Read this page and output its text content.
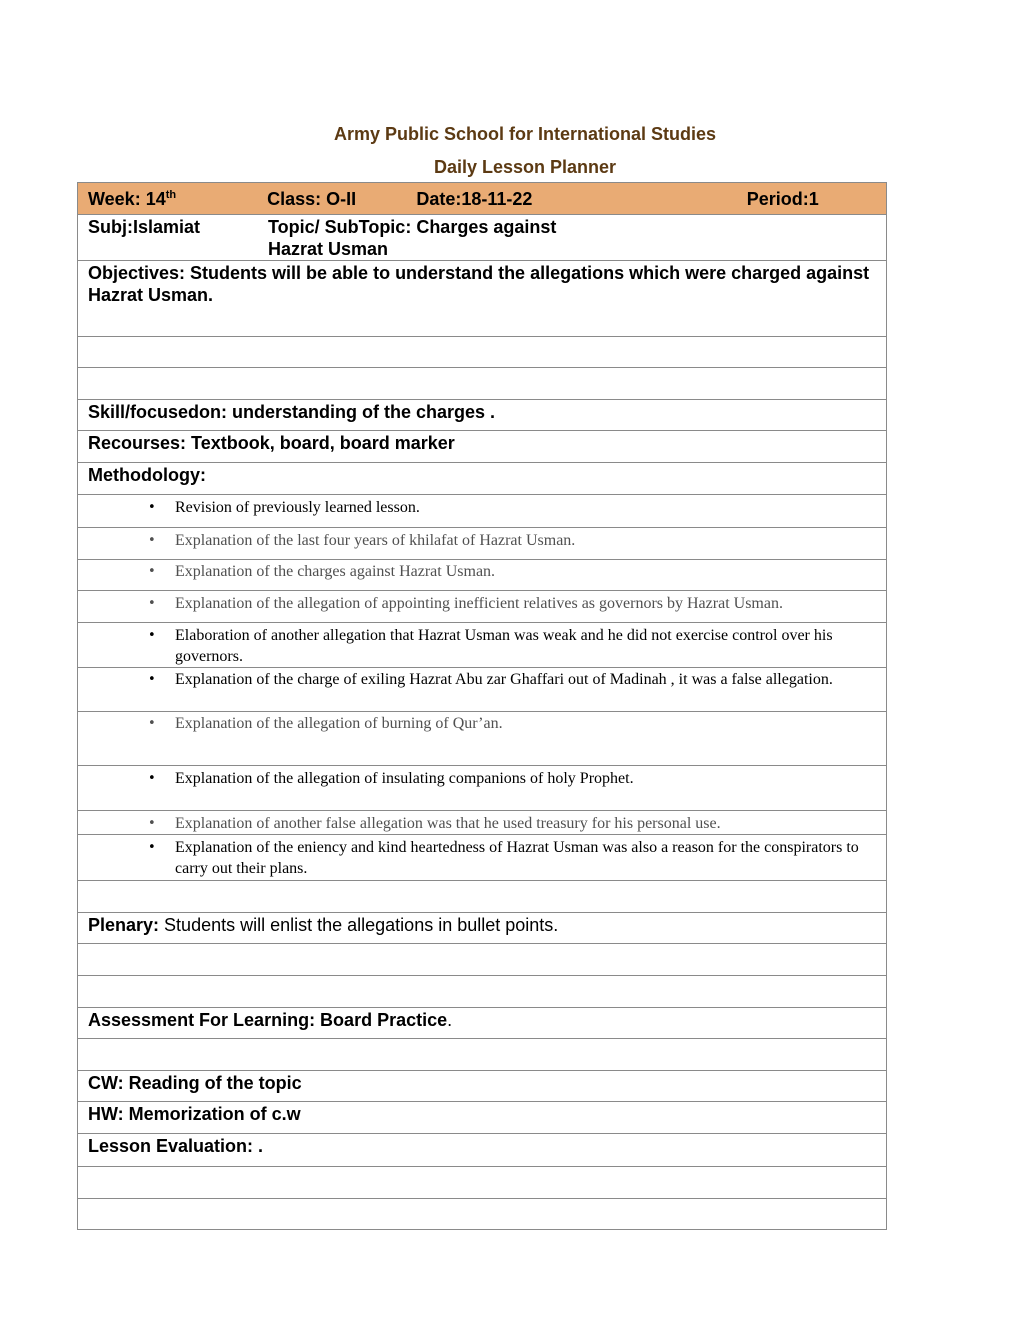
Army Public School for International Studies
Daily Lesson Planner
Week: 14th	Class: O-II	Date:18-11-22	Period:1

Subj:Islamiat	Topic/ SubTopic: Charges against Hazrat Usman

Objectives: Students will be able to understand the allegations which were charged against Hazrat Usman.

Skill/focusedon: understanding of the charges .
Recourses: Textbook, board, board marker
Methodology:

• Revision of previously learned lesson.

• Explanation of the last four years of khilafat of Hazrat Usman.

• Explanation of the charges against Hazrat Usman.

• Explanation of the allegation of appointing inefficient relatives as governors by Hazrat Usman.

• Elaboration of another allegation that Hazrat Usman was weak and he did not exercise control over his governors.

• Explanation of the charge of exiling Hazrat Abu zar Ghaffari out of Madinah , it was a false allegation.

• Explanation of the allegation of burning of Qur’an.

• Explanation of the allegation of insulating companions of holy Prophet.

• Explanation of another false allegation was that he used treasury for his personal use.

• Explanation of the eniency and kind heartedness of Hazrat Usman was also a reason for the conspirators to carry out their plans.

Plenary: Students will enlist the allegations in bullet points.

Assessment For Learning: Board Practice.

CW: Reading of the topic
HW: Memorization of c.w
Lesson Evaluation: .
